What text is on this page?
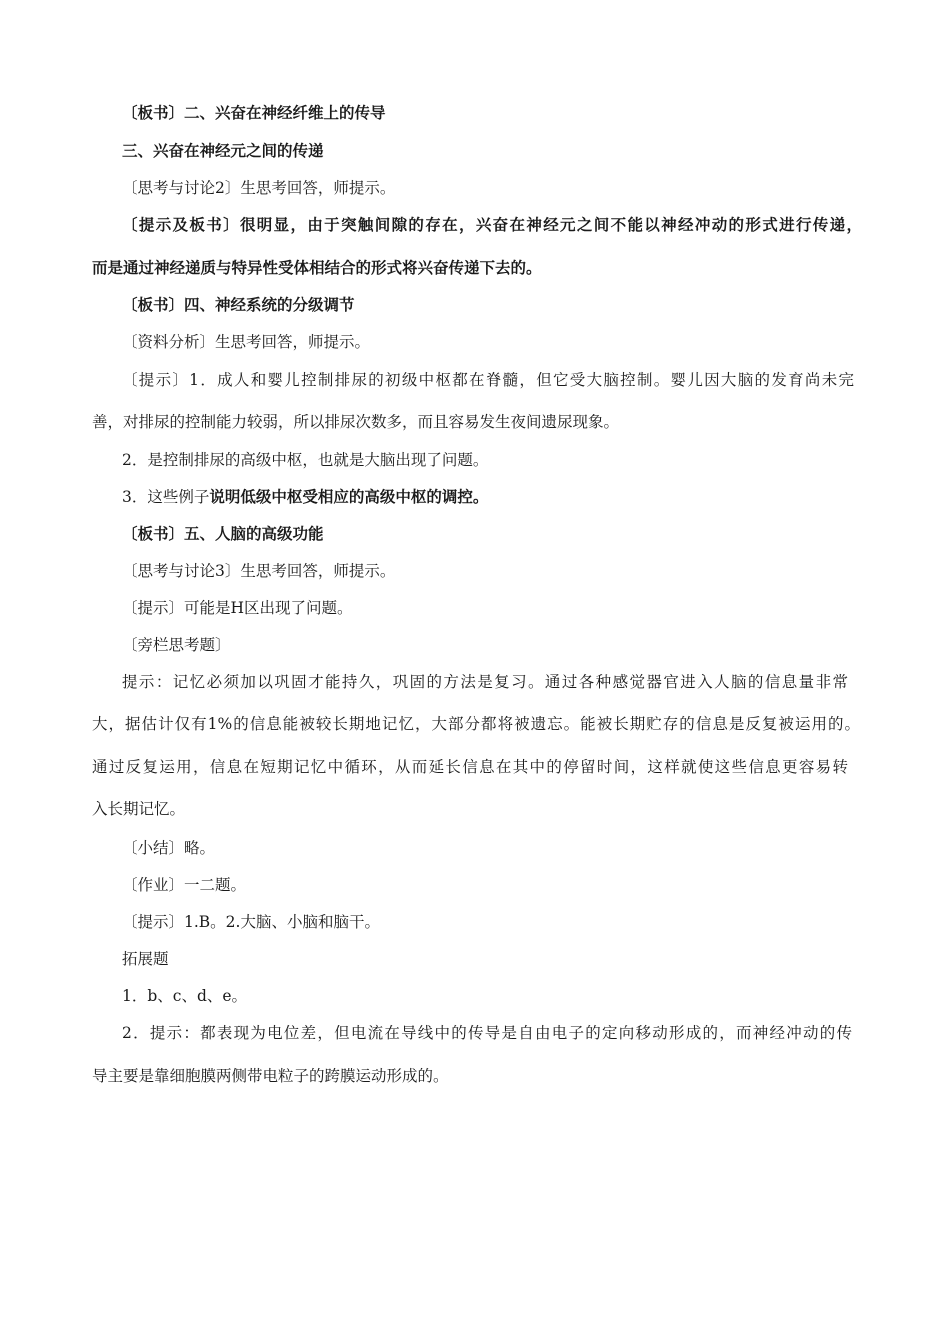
〔板书〕二、兴奋在神经纤维上的传导
三、兴奋在神经元之间的传递
〔思考与讨论2〕生思考回答，师提示。
〔提示及板书〕很明显，由于突触间隙的存在，兴奋在神经元之间不能以神经冲动的形式进行传递，
而是通过神经递质与特异性受体相结合的形式将兴奋传递下去的。
〔板书〕四、神经系统的分级调节
〔资料分析〕生思考回答，师提示。
〔提示〕1．成人和婴儿控制排尿的初级中枢都在脊髓，但它受大脑控制。婴儿因大脑的发育尚未完
善，对排尿的控制能力较弱，所以排尿次数多，而且容易发生夜间遗尿现象。
2．是控制排尿的高级中枢，也就是大脑出现了问题。
3．这些例子说明低级中枢受相应的高级中枢的调控。
〔板书〕五、人脑的高级功能
〔思考与讨论3〕生思考回答，师提示。
〔提示〕可能是H区出现了问题。
〔旁栏思考题〕
提示：记忆必须加以巩固才能持久，巩固的方法是复习。通过各种感觉器官进入人脑的信息量非常
大，据估计仅有1%的信息能被较长期地记忆，大部分都将被遗忘。能被长期贮存的信息是反复被运用的。
通过反复运用，信息在短期记忆中循环，从而延长信息在其中的停留时间，这样就使这些信息更容易转
入长期记忆。
〔小结〕略。
〔作业〕一二题。
〔提示〕1.B。2.大脑、小脑和脑干。
拓展题
1．b、c、d、e。
2．提示：都表现为电位差，但电流在导线中的传导是自由电子的定向移动形成的，而神经冲动的传
导主要是靠细胞膜两侧带电粒子的跨膜运动形成的。
